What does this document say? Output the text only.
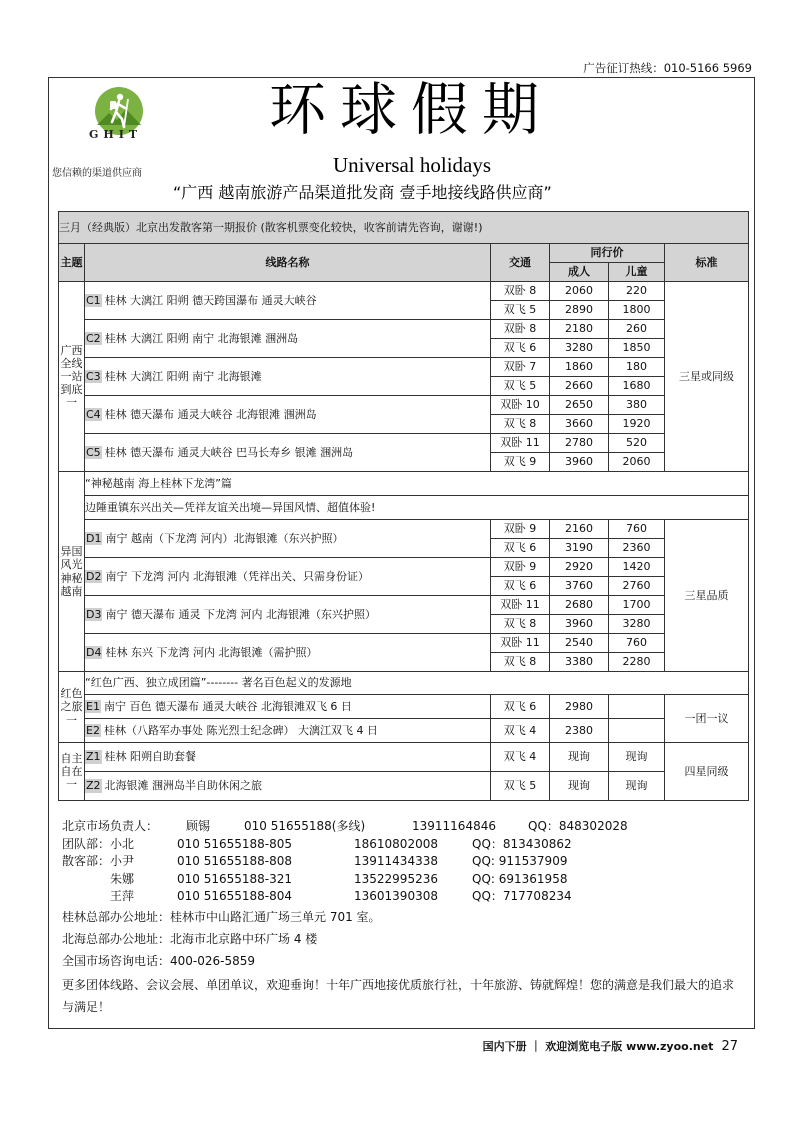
广告征订热线：010-5166 5969
GHIT 环球假期
您信赖的渠道供应商	Universal holidays
“广西 越南旅游产品渠道批发商 壹手地接线路供应商”
三月（经典版）北京出发散客第一期报价 (散客机票变化较快，收客前请先咨询，谢谢!)					
主题	线路名称	交通	同行价		标准
			成人	儿童	
广西全线一站到底一	C1 桂林 大漓江 阳朔 德天跨国瀑布 通灵大峡谷	双卧 8	2060	220	三星或同级
		双飞 5	2890	1800	
	C2 桂林 大漓江 阳朔 南宁 北海银滩 涠洲岛	双卧 8	2180	260	
		双飞 6	3280	1850	
	C3 桂林 大漓江 阳朔 南宁 北海银滩	双卧 7	1860	180	
		双飞 5	2660	1680	
	C4 桂林 德天瀑布 通灵大峡谷 北海银滩 涠洲岛	双卧 10	2650	380	
		双飞 8	3660	1920	
	C5 桂林 德天瀑布 通灵大峡谷 巴马长寿乡 银滩 涠洲岛	双卧 11	2780	520	
		双飞 9	3960	2060	
异国风光神秘越南	“神秘越南 海上桂林下龙湾”篇				
	边陲重镇东兴出关—凭祥友谊关出境—异国风情、超值体验!				
	D1 南宁 越南（下龙湾 河内）北海银滩（东兴护照）	双卧 9	2160	760	三星品质
		双飞 6	3190	2360	
	D2 南宁 下龙湾 河内 北海银滩（凭祥出关、只需身份证）	双卧 9	2920	1420	
		双飞 6	3760	2760	
	D3 南宁 德天瀑布 通灵 下龙湾 河内 北海银滩（东兴护照）	双卧 11	2680	1700	
		双飞 8	3960	3280	
	D4 桂林 东兴 下龙湾 河内 北海银滩（需护照）	双卧 11	2540	760	
		双飞 8	3380	2280	
红色之旅一	“红色广西、独立成团篇”-------- 著名百色起义的发源地				
	E1 南宁 百色 德天瀑布 通灵大峡谷 北海银滩双飞 6 日	双飞 6	2980		一团一议
	E2 桂林（八路军办事处 陈光烈士纪念碑） 大漓江双飞 4 日	双飞 4	2380		
自主自在一	Z1 桂林 阳朔自助套餐	双飞 4	现询	现询	四星同级
	Z2 北海银滩 涠洲岛半自助休闲之旅	双飞 5	现询	现询	
北京市场负责人： 顾锡	010 51655188(多线)	13911164846	QQ：848302028
团队部： 小北	010 51655188-805	18610802008	QQ：813430862
散客部： 小尹	010 51655188-808	13911434338	QQ: 911537909
朱娜	010 51655188-321	13522995236	QQ: 691361958
王萍	010 51655188-804	13601390308	QQ：717708234
桂林总部办公地址：桂林市中山路汇通广场三单元 701 室。
北海总部办公地址：北海市北京路中环广场 4 楼
全国市场咨询电话：400-026-5859
更多团体线路、会议会展、单团单议，欢迎垂询！十年广西地接优质旅行社，十年旅游、铸就辉煌！您的满意是我们最大的追求与满足！
国内下册 ｜ 欢迎浏览电子版 www.zyoo.net 27
